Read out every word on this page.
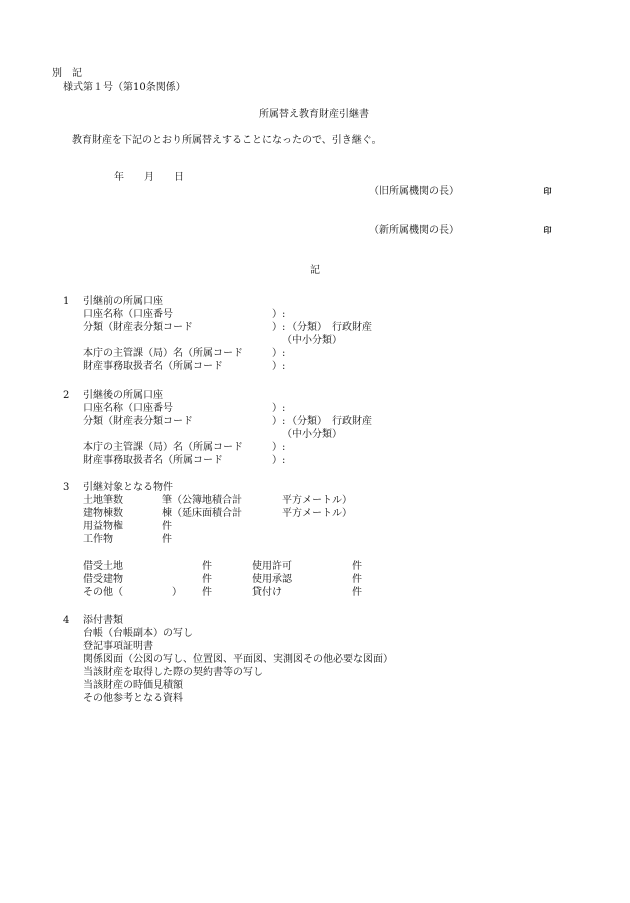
別　記
様式第１号（第10条関係）
所属替え教育財産引継書
教育財産を下記のとおり所属替えすることになったので、引き継ぐ。
年 月 日
（旧所属機関の長）	印
（新所属機関の長）	印
記
1 引継前の所属口座
口座名称（口座番号	）:
分類（財産表分類コード	）: （分類）　行政財産
（中小分類）
本庁の主管課（局）名（所属コード	）:
財産事務取扱者名（所属コード	）:
2 引継後の所属口座
口座名称（口座番号	）:
分類（財産表分類コード	）: （分類）　行政財産
（中小分類）
本庁の主管課（局）名（所属コード	）:
財産事務取扱者名（所属コード	）:
3 引継対象となる物件
土地筆数	筆（公簿地積合計	平方メートル）
建物棟数	棟（延床面積合計	平方メートル）
用益物権	件
工作物	件
借受土地	件	使用許可	件
借受建物	件	使用承認	件
その他（	） 件	貸付け	件
4 添付書類
台帳（台帳副本）の写し
登記事項証明書
関係図面（公図の写し、位置図、平面図、実測図その他必要な図面）
当該財産を取得した際の契約書等の写し
当該財産の時価見積額
その他参考となる資料
